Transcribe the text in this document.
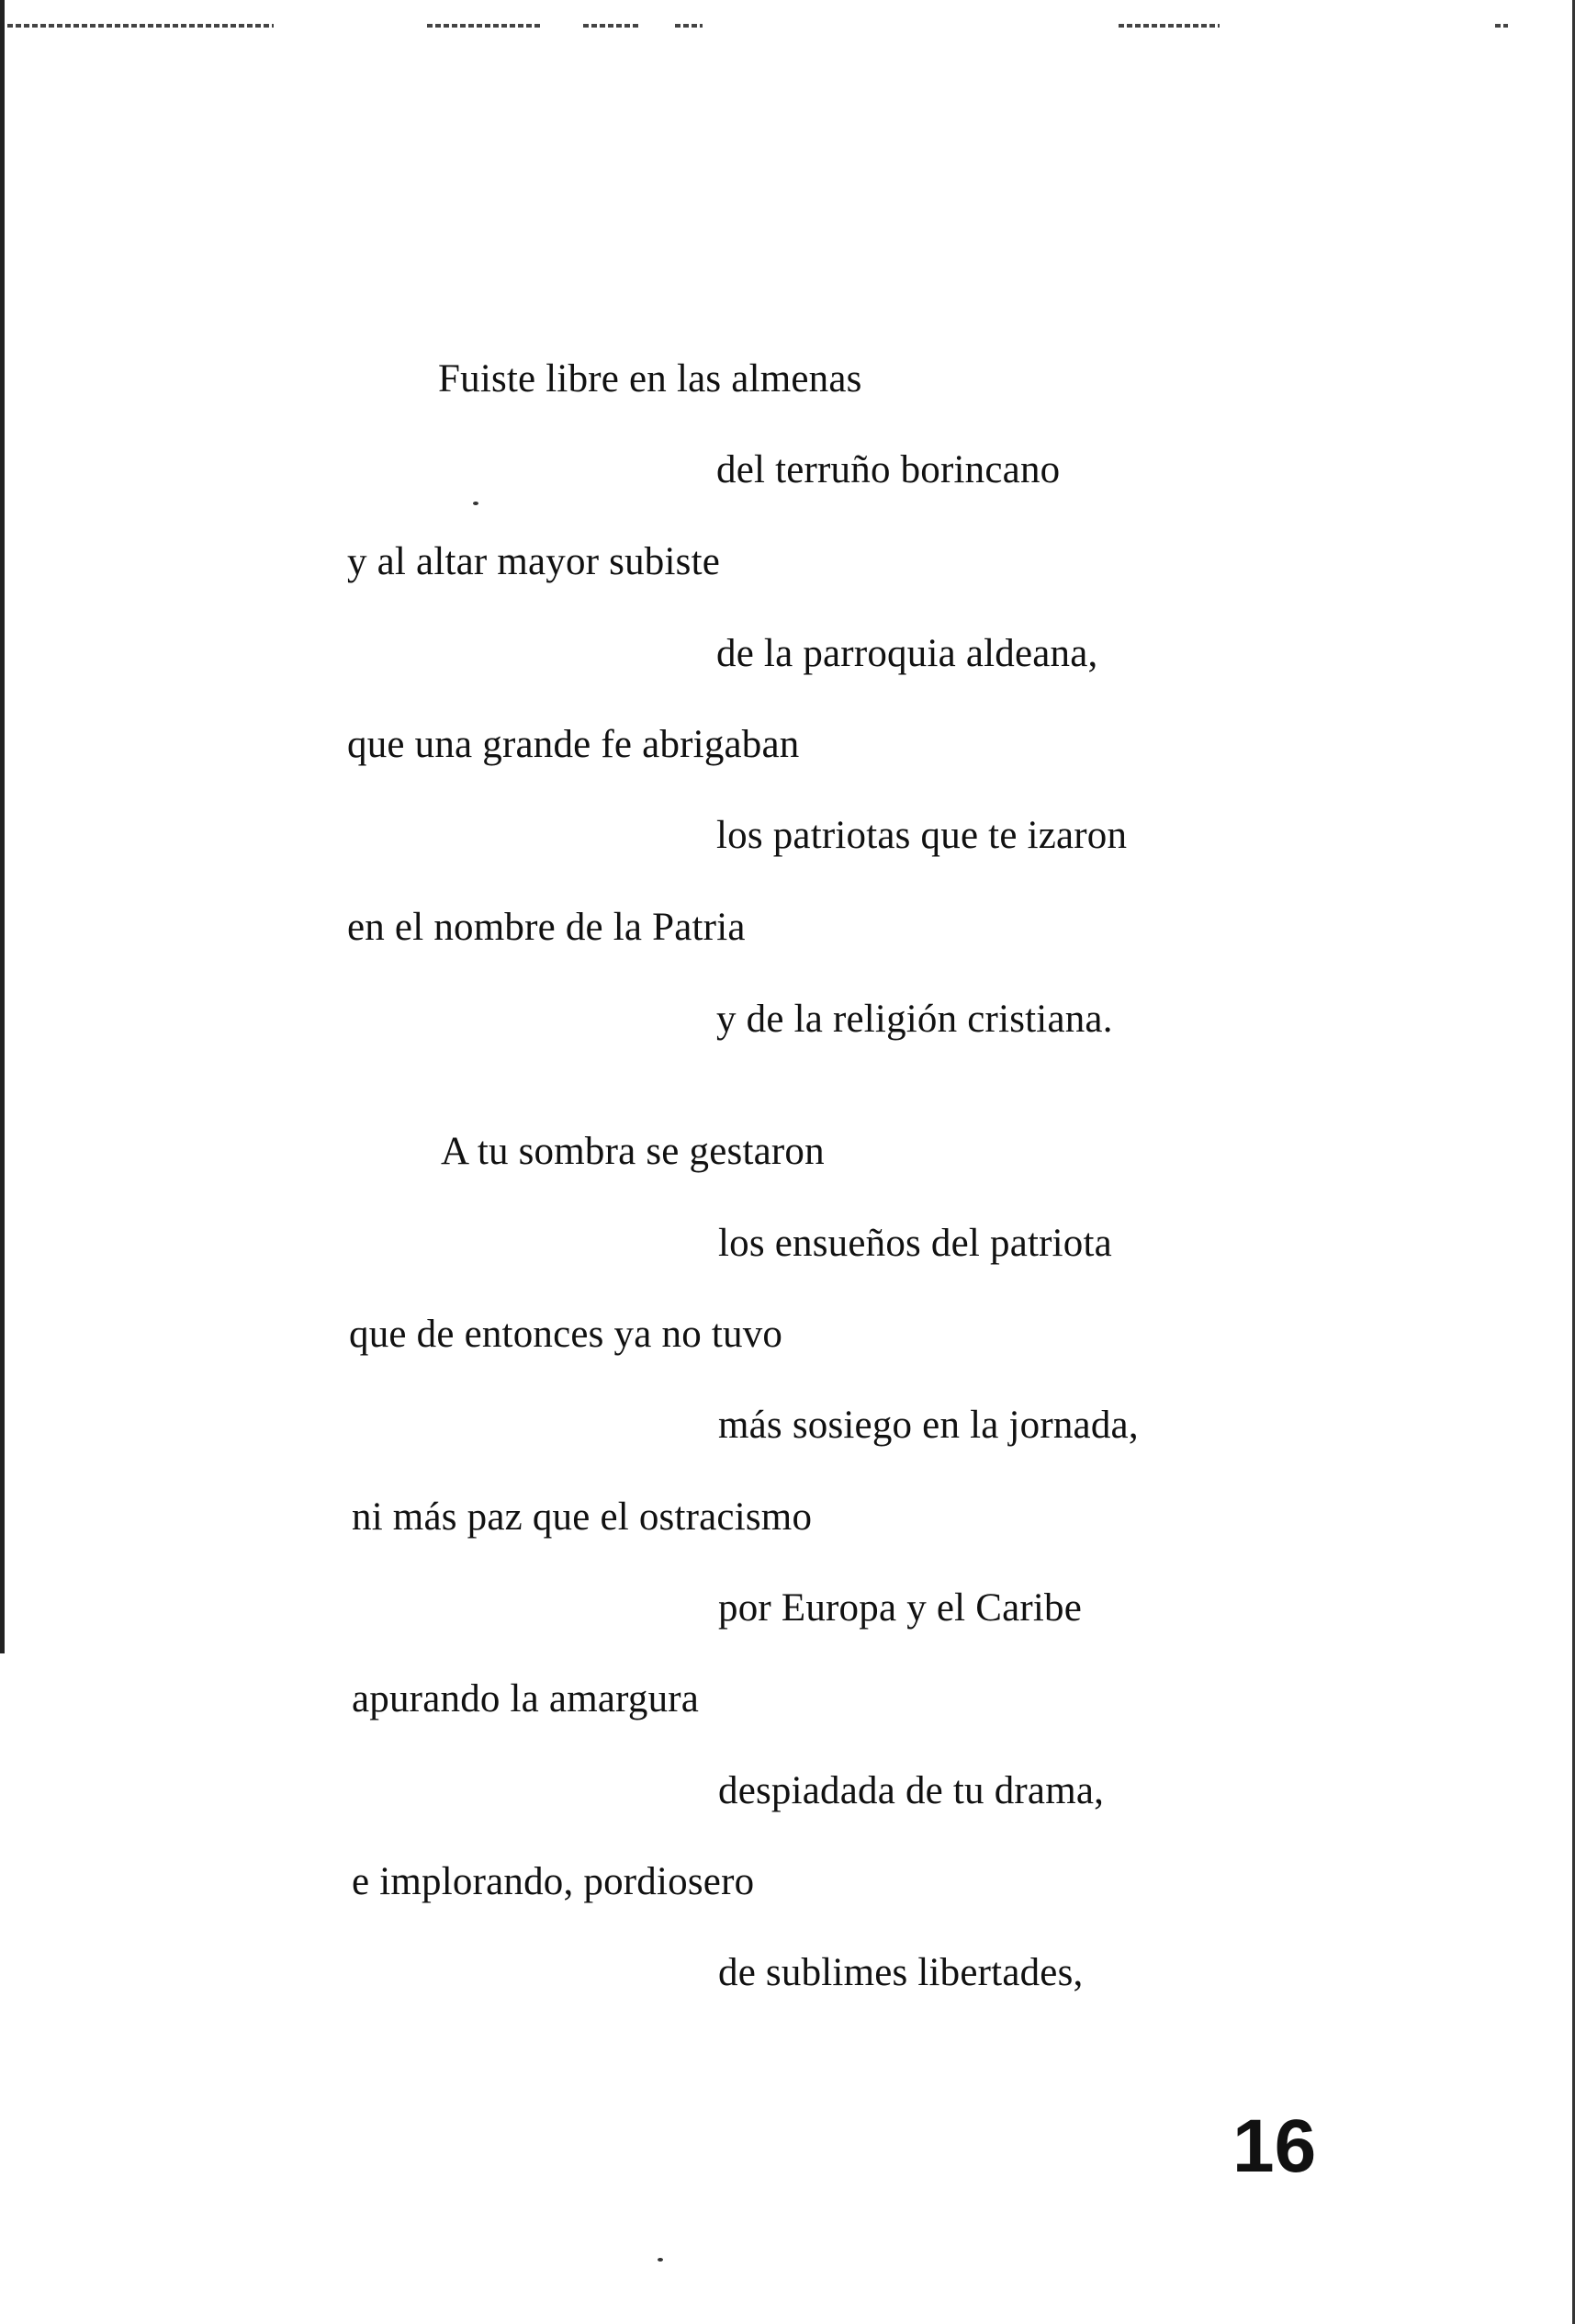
Fuiste libre en las almenas
del terruño borincano
y al altar mayor subiste
de la parroquia aldeana,
que una grande fe abrigaban
los patriotas que te izaron
en el nombre de la Patria
y de la religión cristiana.
A tu sombra se gestaron
los ensueños del patriota
que de entonces ya no tuvo
más sosiego en la jornada,
ni más paz que el ostracismo
por Europa y el Caribe
apurando la amargura
despiadada de tu drama,
e implorando, pordiosero
de sublimes libertades,
16
